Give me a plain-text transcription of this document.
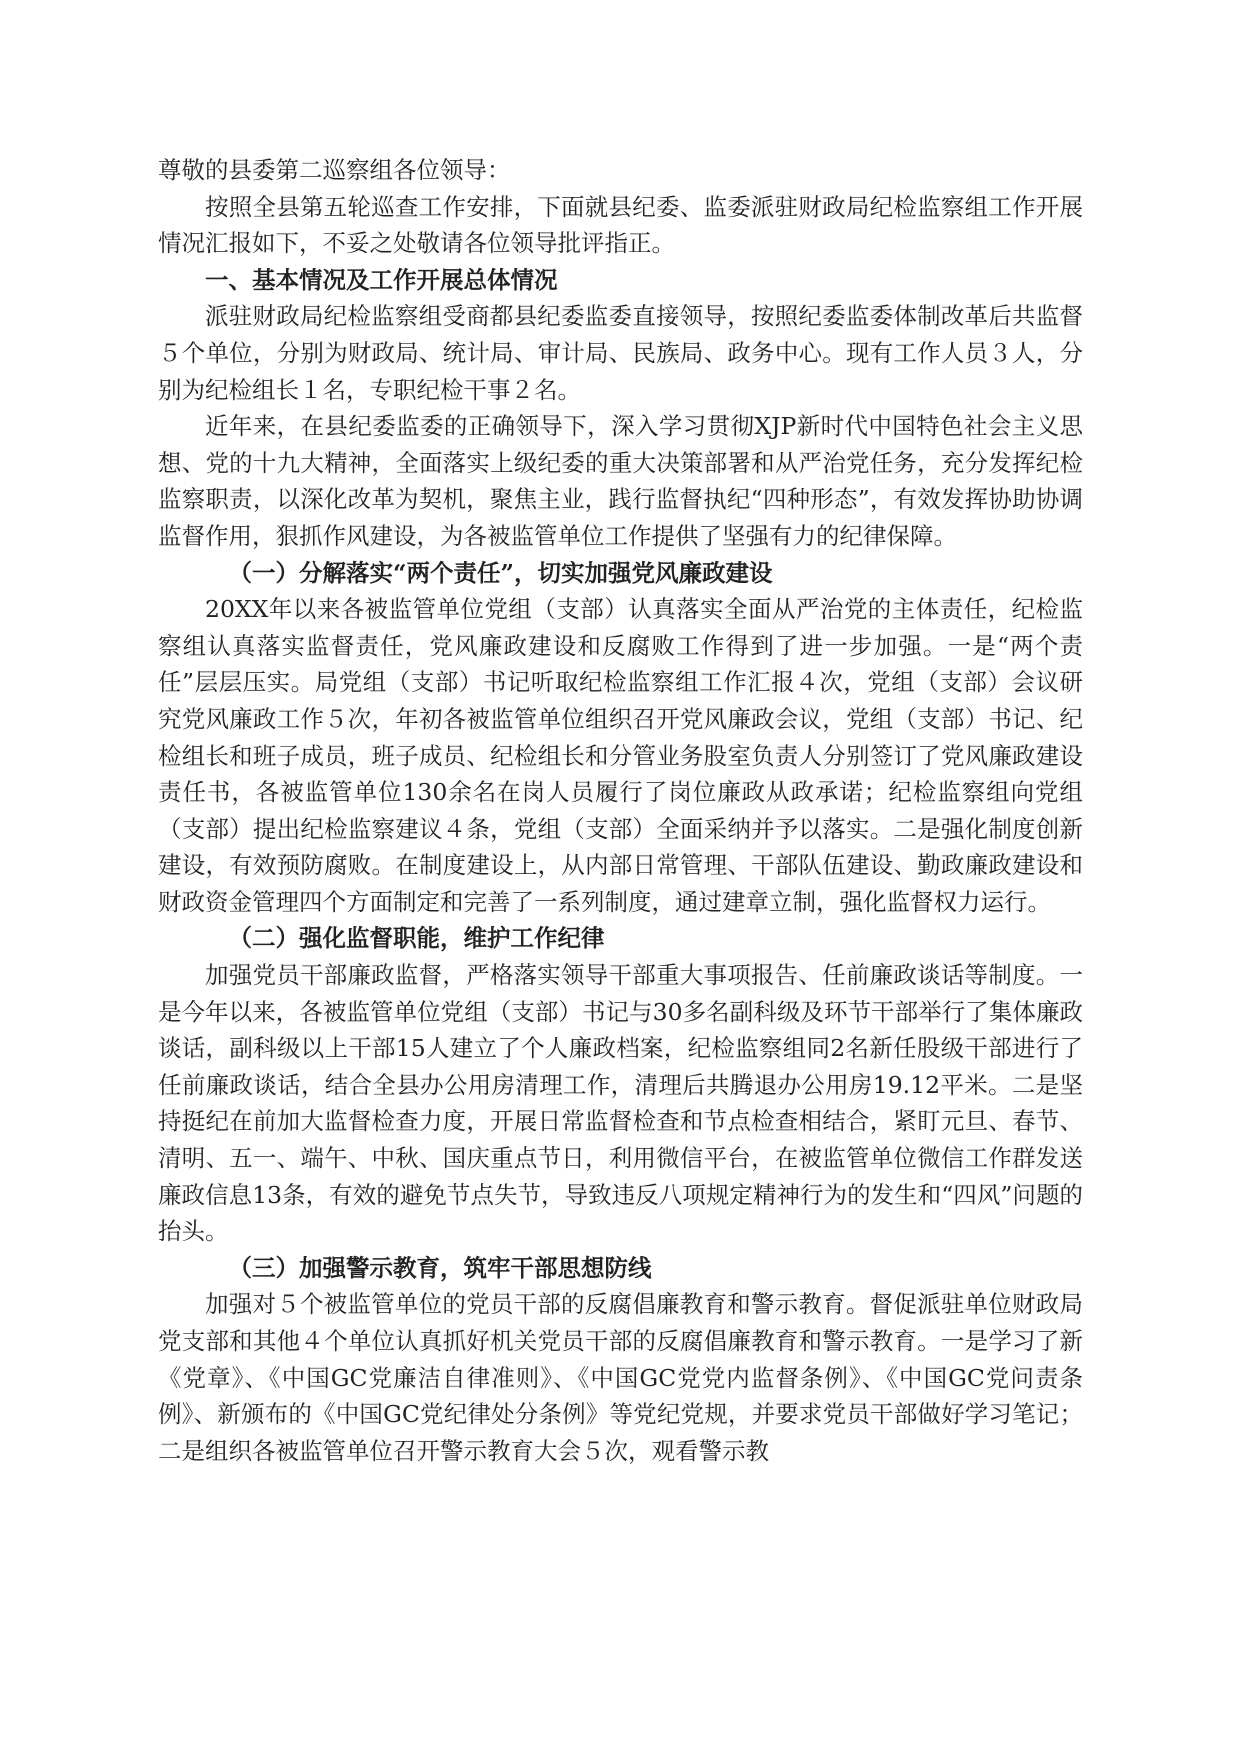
尊敬的县委第二巡察组各位领导：

按照全县第五轮巡查工作安排，下面就县纪委、监委派驻财政局纪检监察组工作开展情况汇报如下，不妥之处敬请各位领导批评指正。

一、基本情况及工作开展总体情况

派驻财政局纪检监察组受商都县纪委监委直接领导，按照纪委监委体制改革后共监督５个单位，分别为财政局、统计局、审计局、民族局、政务中心。现有工作人员３人，分别为纪检组长１名，专职纪检干事２名。

近年来，在县纪委监委的正确领导下，深入学习贯彻XJP新时代中国特色社会主义思想、党的十九大精神，全面落实上级纪委的重大决策部署和从严治党任务，充分发挥纪检监察职责，以深化改革为契机，聚焦主业，践行监督执纪“四种形态”，有效发挥协助协调监督作用，狠抓作风建设，为各被监管单位工作提供了坚强有力的纪律保障。

（一）分解落实“两个责任”，切实加强党风廉政建设

20XX年以来各被监管单位党组（支部）认真落实全面从严治党的主体责任，纪检监察组认真落实监督责任，党风廉政建设和反腐败工作得到了进一步加强。一是“两个责任”层层压实。局党组（支部）书记听取纪检监察组工作汇报４次，党组（支部）会议研究党风廉政工作５次，年初各被监管单位组织召开党风廉政会议，党组（支部）书记、纪检组长和班子成员，班子成员、纪检组长和分管业务股室负责人分别签订了党风廉政建设责任书，各被监管单位130余名在岗人员履行了岗位廉政从政承诺；纪检监察组向党组（支部）提出纪检监察建议４条，党组（支部）全面采纳并予以落实。二是强化制度创新建设，有效预防腐败。在制度建设上，从内部日常管理、干部队伍建设、勤政廉政建设和财政资金管理四个方面制定和完善了一系列制度，通过建章立制，强化监督权力运行。

（二）强化监督职能，维护工作纪律

加强党员干部廉政监督，严格落实领导干部重大事项报告、任前廉政谈话等制度。一是今年以来，各被监管单位党组（支部）书记与30多名副科级及环节干部举行了集体廉政谈话，副科级以上干部15人建立了个人廉政档案，纪检监察组同2名新任股级干部进行了任前廉政谈话，结合全县办公用房清理工作，清理后共腾退办公用房19.12平米。二是坚持挺纪在前加大监督检查力度，开展日常监督检查和节点检查相结合，紧盯元旦、春节、清明、五一、端午、中秋、国庆重点节日，利用微信平台，在被监管单位微信工作群发送廉政信息13条，有效的避免节点失节，导致违反八项规定精神行为的发生和“四风”问题的抬头。

（三）加强警示教育，筑牢干部思想防线

加强对５个被监管单位的党员干部的反腐倡廉教育和警示教育。督促派驻单位财政局党支部和其他４个单位认真抓好机关党员干部的反腐倡廉教育和警示教育。一是学习了新《党章》、《中国GC党廉洁自律准则》、《中国GC党党内监督条例》、《中国GC党问责条例》、新颁布的《中国GC党纪律处分条例》等党纪党规，并要求党员干部做好学习笔记；二是组织各被监管单位召开警示教育大会５次，观看警示教
